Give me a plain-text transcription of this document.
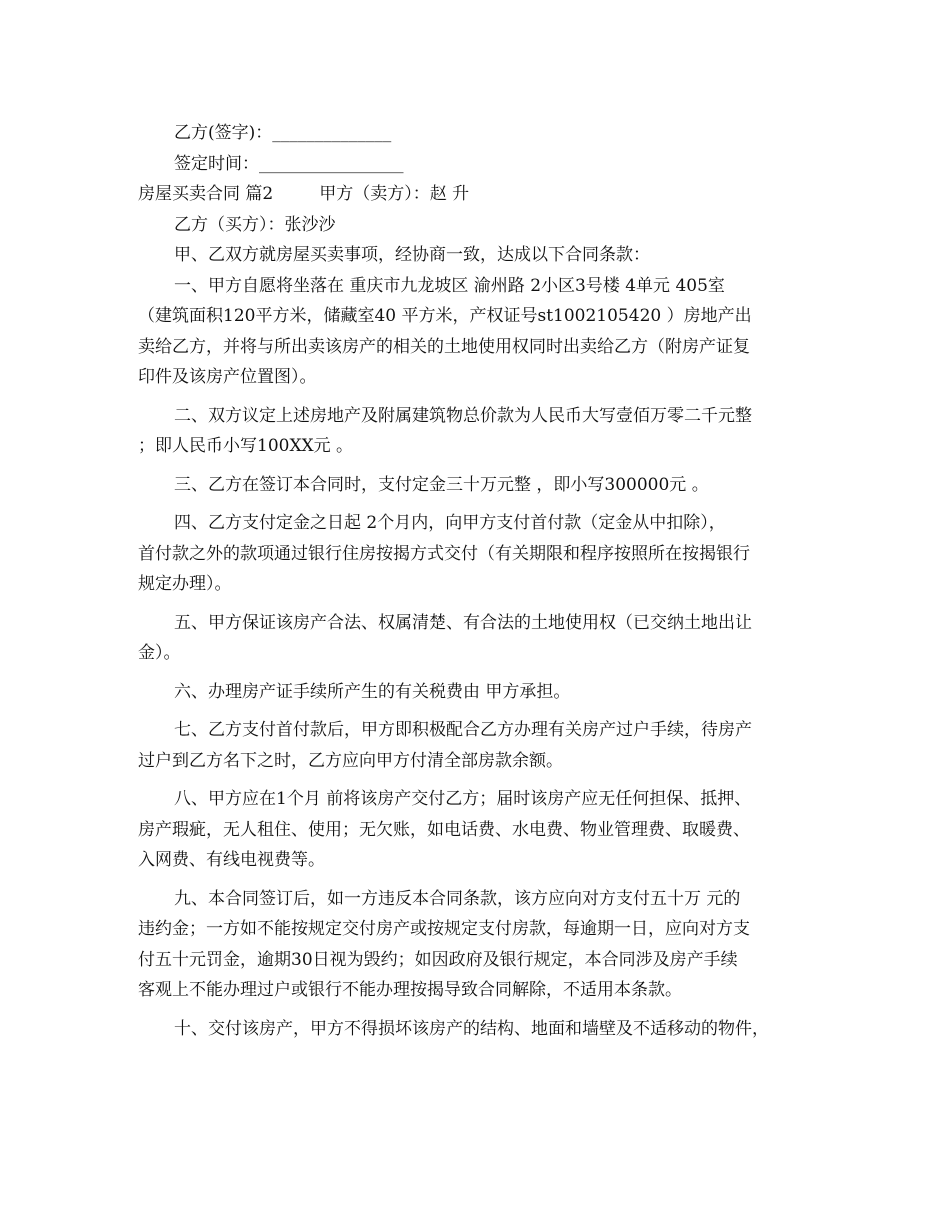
乙方(签字)：______________
签定时间：_________________
房屋买卖合同 篇2	甲方（卖方）：赵 升
乙方（买方）：张沙沙
甲、乙双方就房屋买卖事项，经协商一致，达成以下合同条款：
一、甲方自愿将坐落在 重庆市九龙坡区 渝州路 2小区3号楼 4单元 405室
（建筑面积120平方米，储藏室40 平方米，产权证号st1002105420 ）房地产出
卖给乙方，并将与所出卖该房产的相关的土地使用权同时出卖给乙方（附房产证复
印件及该房产位置图）。
二、双方议定上述房地产及附属建筑物总价款为人民币大写壹佰万零二千元整
；即人民币小写100XX元 。
三、乙方在签订本合同时，支付定金三十万元整 ，即小写300000元 。
四、乙方支付定金之日起 2个月内，向甲方支付首付款（定金从中扣除），
首付款之外的款项通过银行住房按揭方式交付（有关期限和程序按照所在按揭银行
规定办理）。
五、甲方保证该房产合法、权属清楚、有合法的土地使用权（已交纳土地出让
金）。
六、办理房产证手续所产生的有关税费由 甲方承担。
七、乙方支付首付款后，甲方即积极配合乙方办理有关房产过户手续，待房产
过户到乙方名下之时，乙方应向甲方付清全部房款余额。
八、甲方应在1个月 前将该房产交付乙方；届时该房产应无任何担保、抵押、
房产瑕疵，无人租住、使用；无欠账，如电话费、水电费、物业管理费、取暖费、
入网费、有线电视费等。
九、本合同签订后，如一方违反本合同条款，该方应向对方支付五十万 元的
违约金；一方如不能按规定交付房产或按规定支付房款，每逾期一日，应向对方支
付五十元罚金，逾期30日视为毁约；如因政府及银行规定，本合同涉及房产手续
客观上不能办理过户或银行不能办理按揭导致合同解除，不适用本条款。
十、交付该房产，甲方不得损坏该房产的结构、地面和墙壁及不适移动的物件，
